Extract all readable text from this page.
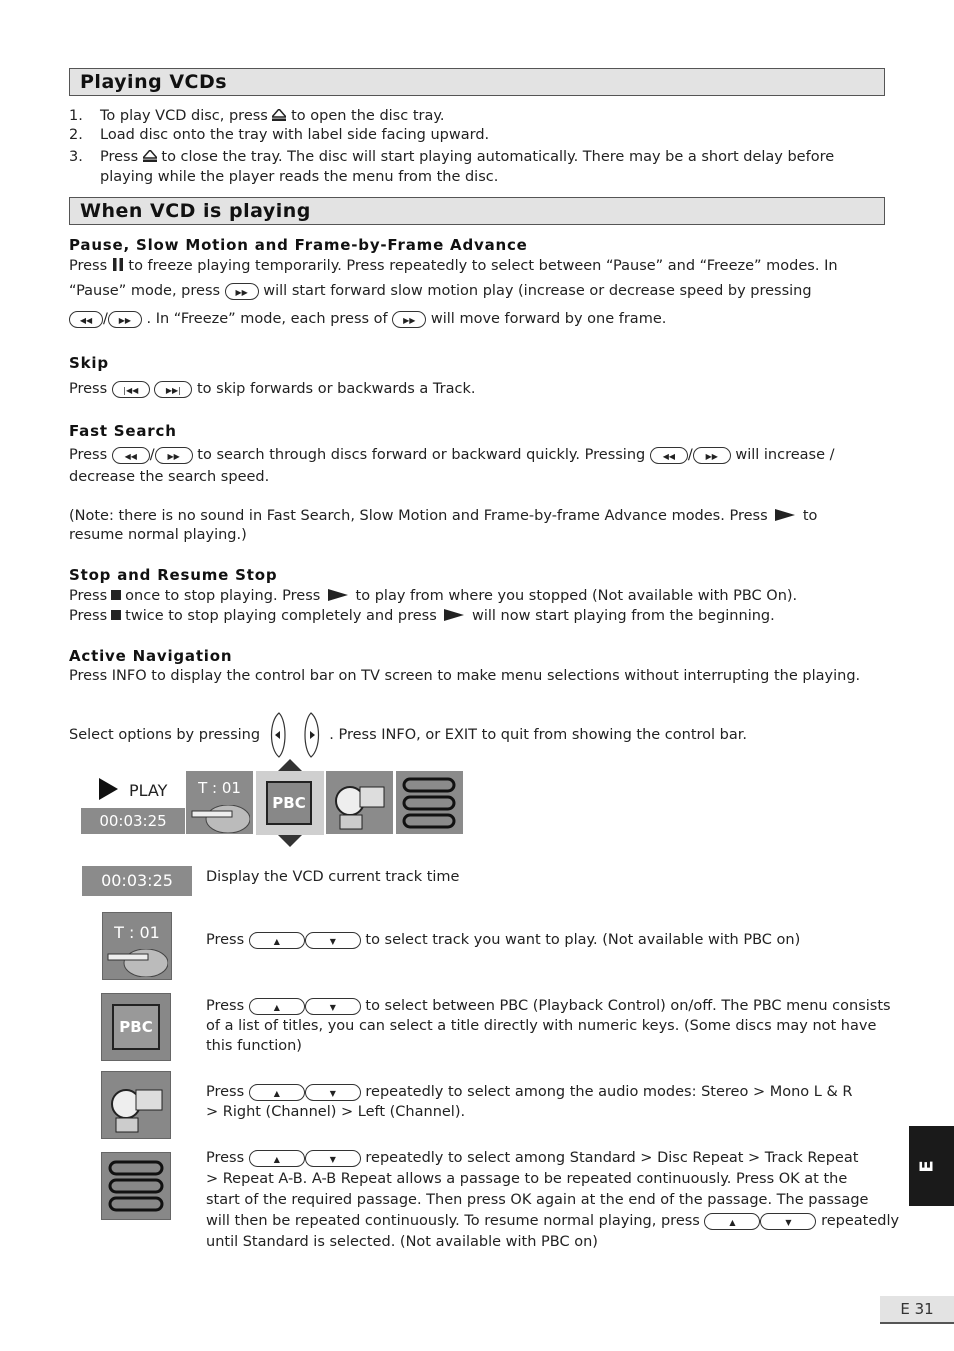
Playing VCDs
1. To play VCD disc, press to open the disc tray.
2. Load disc onto the tray with label side facing upward.
3. Press to close the tray. The disc will start playing automatically. There may be a short delay before
playing while the player reads the menu from the disc.
When VCD is playing
Pause, Slow Motion and Frame-by-Frame Advance
Press to freeze playing temporarily. Press repeatedly to select between “Pause” and “Freeze” modes. In
“Pause” mode, press ▶▶ will start forward slow motion play (increase or decrease speed by pressing
◀◀ / ▶▶ . In “Freeze” mode, each press of ▶▶ will move forward by one frame.
Skip
Press |◀◀	▶▶| to skip forwards or backwards a Track.
Fast Search
Press ◀◀ / ▶▶ to search through discs forward or backward quickly. Pressing ◀◀ / ▶▶ will increase /
decrease the search speed.
(Note: there is no sound in Fast Search, Slow Motion and Frame-by-frame Advance modes. Press to
resume normal playing.)
Stop and Resume Stop
Press once to stop playing. Press to play from where you stopped (Not available with PBC On).
Press twice to stop playing completely and press will now start playing from the beginning.
Active Navigation
Press INFO to display the control bar on TV screen to make menu selections without interrupting the playing.
Select options by pressing	. Press INFO, or EXIT to quit from showing the control bar.
PLAY
00:03:25
T : 01
PBC
00:03:25	Display the VCD current track time
T : 01	Press	▲	▼ to select track you want to play. (Not available with PBC on)
PBC
Press	▲	▼ to select between PBC (Playback Control) on/off. The PBC menu consists
of a list of titles, you can select a title directly with numeric keys. (Some discs may not have
this function)
Press	▲	▼ repeatedly to select among the audio modes: Stereo > Mono L & R
> Right (Channel) > Left (Channel).
Press	▲	▼ repeatedly to select among Standard > Disc Repeat > Track Repeat
> Repeat A-B. A-B Repeat allows a passage to be repeated continuously. Press OK at the
start of the required passage. Then press OK again at the end of the passage. The passage
will then be repeated continuously. To resume normal playing, press	▲	▼ repeatedly
until Standard is selected. (Not available with PBC on)
E
E 31
